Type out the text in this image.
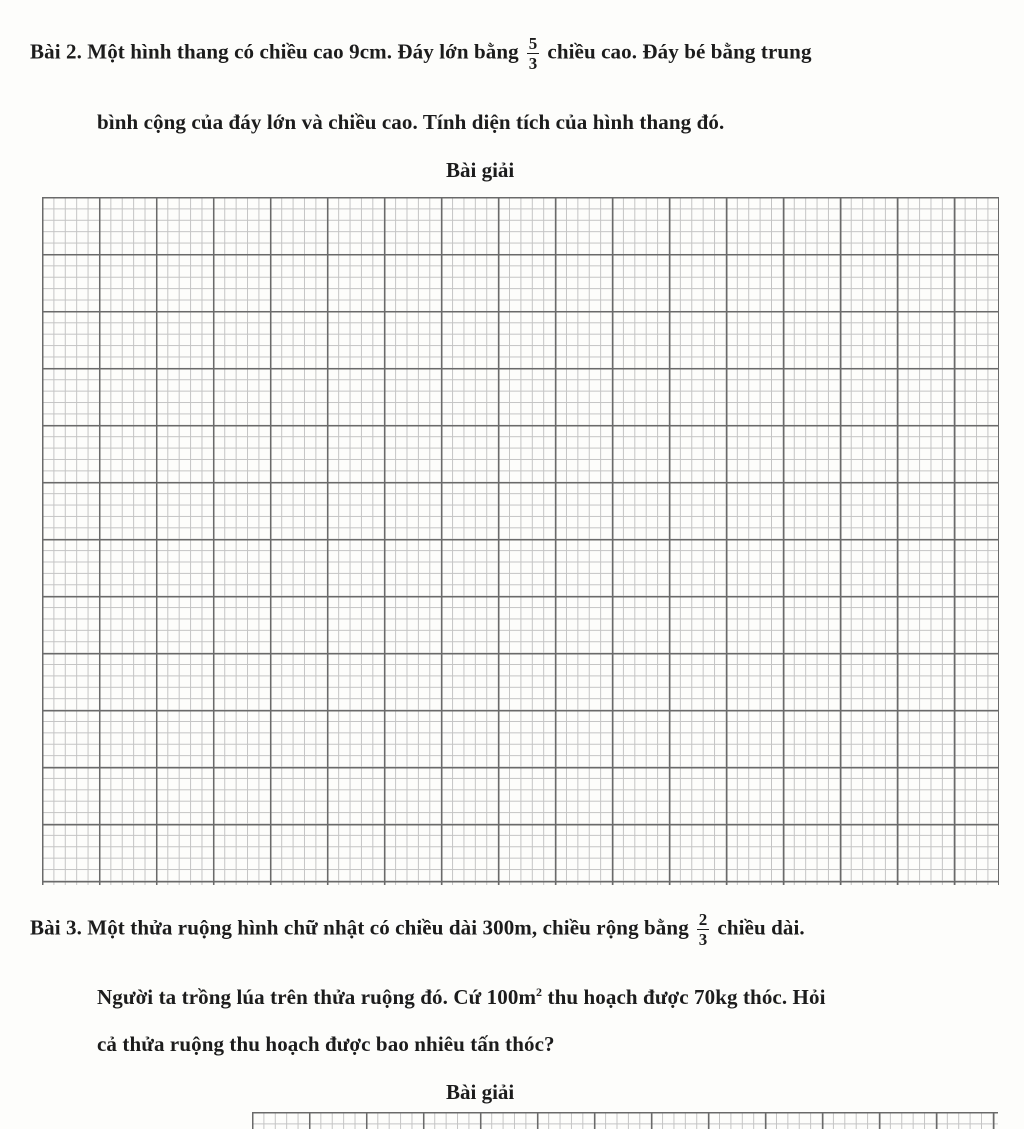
Bài 2. Một hình thang có chiều cao 9cm. Đáy lớn bằng $\frac{5}{3}$ chiều cao. Đáy bé bằng trung
bình cộng của đáy lớn và chiều cao. Tính diện tích của hình thang đó.
Bài giải
Bài 3. Một thửa ruộng hình chữ nhật có chiều dài 300m, chiều rộng bằng $\frac{2}{3}$ chiều dài.
Người ta trồng lúa trên thửa ruộng đó. Cứ $100m^2$ thu hoạch được 70kg thóc. Hỏi
cả thửa ruộng thu hoạch được bao nhiêu tấn thóc?
Bài giải
